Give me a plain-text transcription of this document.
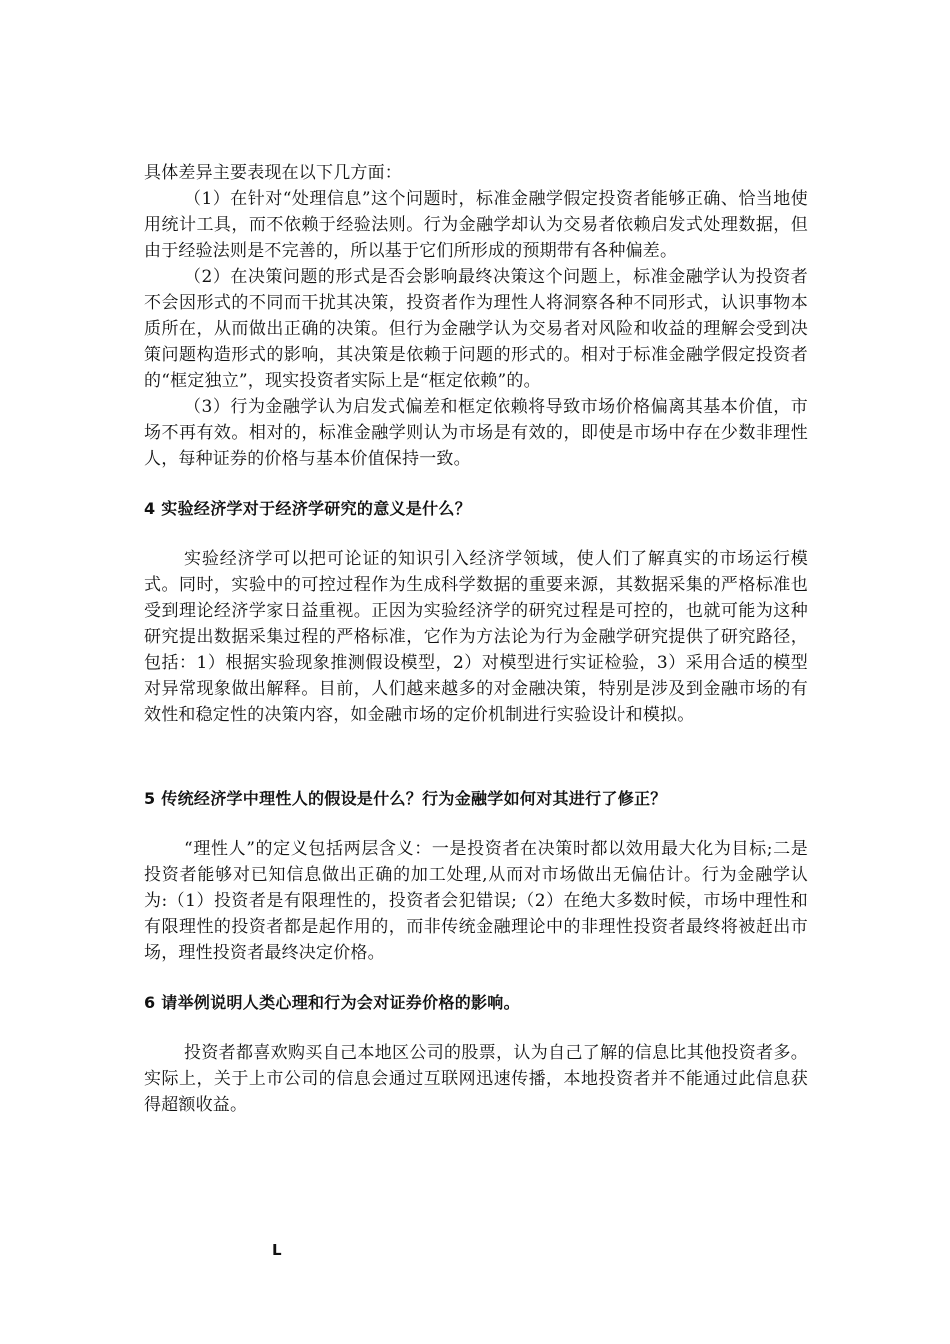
具体差异主要表现在以下几方面：

（1）在针对“处理信息”这个问题时，标准金融学假定投资者能够正确、恰当地使用统计工具，而不依赖于经验法则。行为金融学却认为交易者依赖启发式处理数据，但由于经验法则是不完善的，所以基于它们所形成的预期带有各种偏差。

（2）在决策问题的形式是否会影响最终决策这个问题上，标准金融学认为投资者不会因形式的不同而干扰其决策，投资者作为理性人将洞察各种不同形式，认识事物本质所在，从而做出正确的决策。但行为金融学认为交易者对风险和收益的理解会受到决策问题构造形式的影响，其决策是依赖于问题的形式的。相对于标准金融学假定投资者的“框定独立”，现实投资者实际上是“框定依赖”的。

（3）行为金融学认为启发式偏差和框定依赖将导致市场价格偏离其基本价值，市场不再有效。相对的，标准金融学则认为市场是有效的，即使是市场中存在少数非理性人，每种证券的价格与基本价值保持一致。

4 实验经济学对于经济学研究的意义是什么？

实验经济学可以把可论证的知识引入经济学领域，使人们了解真实的市场运行模式。同时，实验中的可控过程作为生成科学数据的重要来源，其数据采集的严格标准也受到理论经济学家日益重视。正因为实验经济学的研究过程是可控的，也就可能为这种研究提出数据采集过程的严格标准，它作为方法论为行为金融学研究提供了研究路径，包括：1）根据实验现象推测假设模型，2）对模型进行实证检验，3）采用合适的模型对异常现象做出解释。目前，人们越来越多的对金融决策，特别是涉及到金融市场的有效性和稳定性的决策内容，如金融市场的定价机制进行实验设计和模拟。

5 传统经济学中理性人的假设是什么？行为金融学如何对其进行了修正？

“理性人”的定义包括两层含义：一是投资者在决策时都以效用最大化为目标;二是投资者能够对已知信息做出正确的加工处理,从而对市场做出无偏估计。行为金融学认为:（1）投资者是有限理性的，投资者会犯错误;（2）在绝大多数时候，市场中理性和有限理性的投资者都是起作用的，而非传统金融理论中的非理性投资者最终将被赶出市场，理性投资者最终决定价格。

6 请举例说明人类心理和行为会对证券价格的影响。

投资者都喜欢购买自己本地区公司的股票，认为自己了解的信息比其他投资者多。实际上，关于上市公司的信息会通过互联网迅速传播，本地投资者并不能通过此信息获得超额收益。

L
